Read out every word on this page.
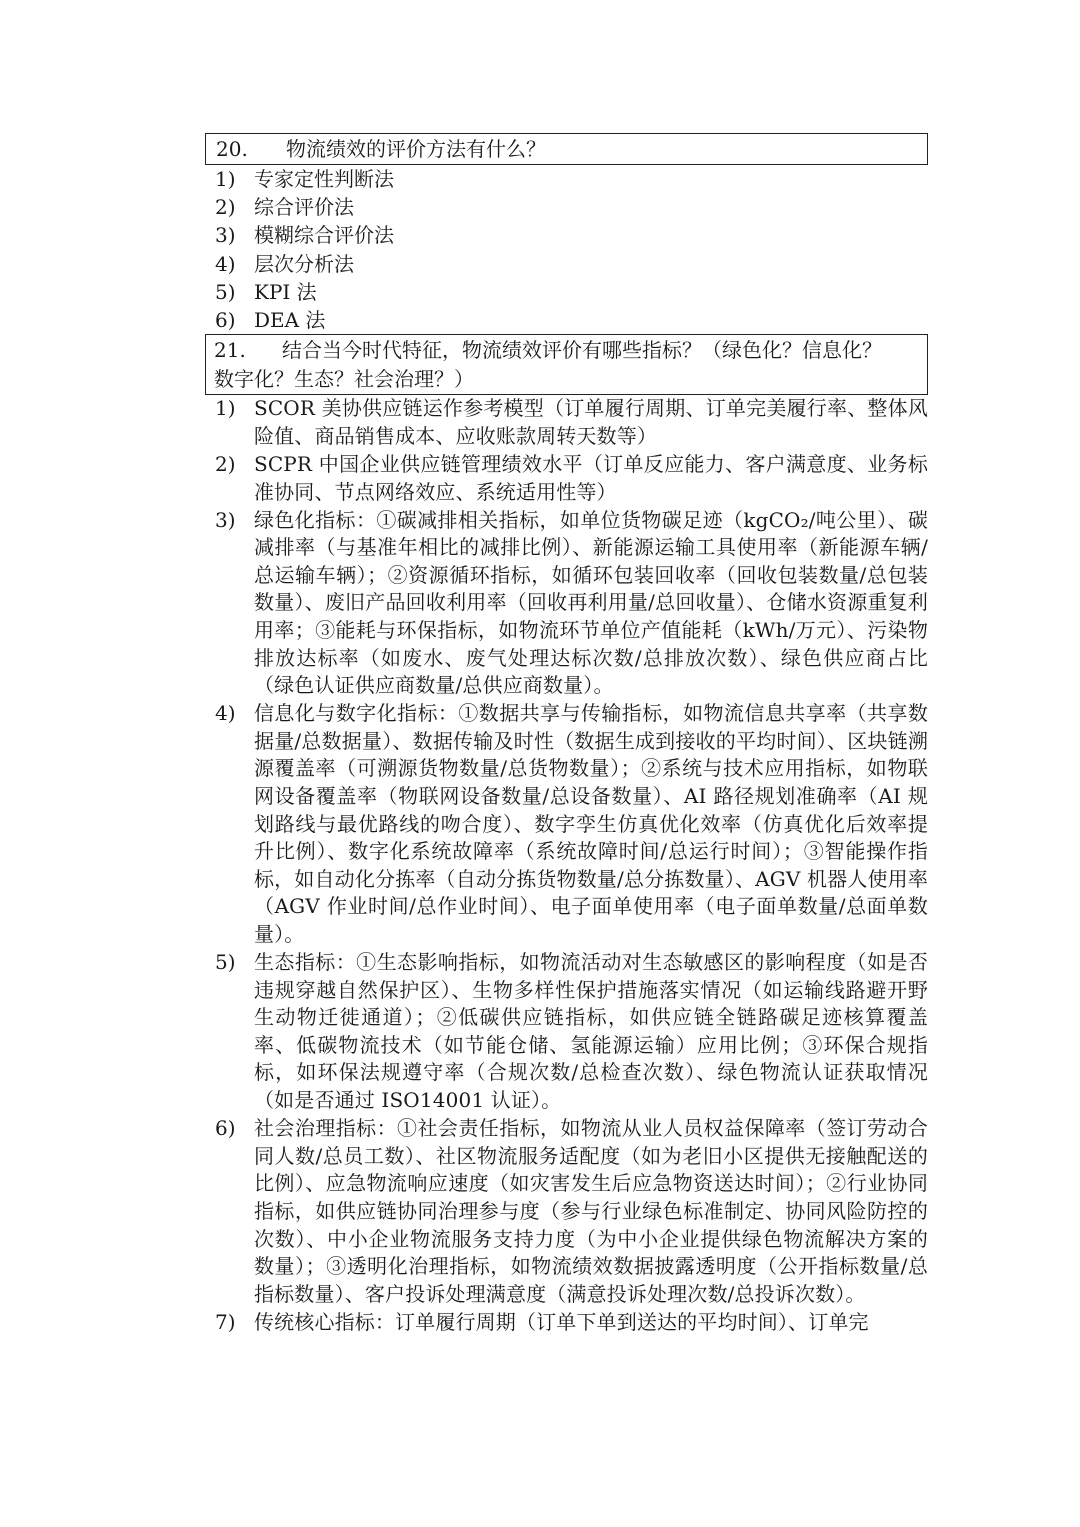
20. 物流绩效的评价方法有什么？
1) 专家定性判断法
2) 综合评价法
3) 模糊综合评价法
4) 层次分析法
5) KPI 法
6) DEA 法
21. 结合当今时代特征，物流绩效评价有哪些指标？（绿色化？信息化？
数字化？生态？社会治理？）
1) SCOR 美协供应链运作参考模型（订单履行周期、订单完美履行率、整体风险值、商品销售成本、应收账款周转天数等）
2) SCPR 中国企业供应链管理绩效水平（订单反应能力、客户满意度、业务标准协同、节点网络效应、系统适用性等）
3) 绿色化指标：①碳减排相关指标，如单位货物碳足迹（kgCO₂/吨公里）、碳减排率（与基准年相比的减排比例）、新能源运输工具使用率（新能源车辆/总运输车辆）；②资源循环指标，如循环包装回收率（回收包装数量/总包装数量）、废旧产品回收利用率（回收再利用量/总回收量）、仓储水资源重复利用率；③能耗与环保指标，如物流环节单位产值能耗（kWh/万元）、污染物排放达标率（如废水、废气处理达标次数/总排放次数）、绿色供应商占比（绿色认证供应商数量/总供应商数量）。
4) 信息化与数字化指标：①数据共享与传输指标，如物流信息共享率（共享数据量/总数据量）、数据传输及时性（数据生成到接收的平均时间）、区块链溯源覆盖率（可溯源货物数量/总货物数量）；②系统与技术应用指标，如物联网设备覆盖率（物联网设备数量/总设备数量）、AI 路径规划准确率（AI 规划路线与最优路线的吻合度）、数字孪生仿真优化效率（仿真优化后效率提升比例）、数字化系统故障率（系统故障时间/总运行时间）；③智能操作指标，如自动化分拣率（自动分拣货物数量/总分拣数量）、AGV 机器人使用率（AGV 作业时间/总作业时间）、电子面单使用率（电子面单数量/总面单数量）。
5) 生态指标：①生态影响指标，如物流活动对生态敏感区的影响程度（如是否违规穿越自然保护区）、生物多样性保护措施落实情况（如运输线路避开野生动物迁徙通道）；②低碳供应链指标，如供应链全链路碳足迹核算覆盖率、低碳物流技术（如节能仓储、氢能源运输）应用比例；③环保合规指标，如环保法规遵守率（合规次数/总检查次数）、绿色物流认证获取情况（如是否通过 ISO14001 认证）。
6) 社会治理指标：①社会责任指标，如物流从业人员权益保障率（签订劳动合同人数/总员工数）、社区物流服务适配度（如为老旧小区提供无接触配送的比例）、应急物流响应速度（如灾害发生后应急物资送达时间）；②行业协同指标，如供应链协同治理参与度（参与行业绿色标准制定、协同风险防控的次数）、中小企业物流服务支持力度（为中小企业提供绿色物流解决方案的数量）；③透明化治理指标，如物流绩效数据披露透明度（公开指标数量/总指标数量）、客户投诉处理满意度（满意投诉处理次数/总投诉次数）。
7) 传统核心指标：订单履行周期（订单下单到送达的平均时间）、订单完
